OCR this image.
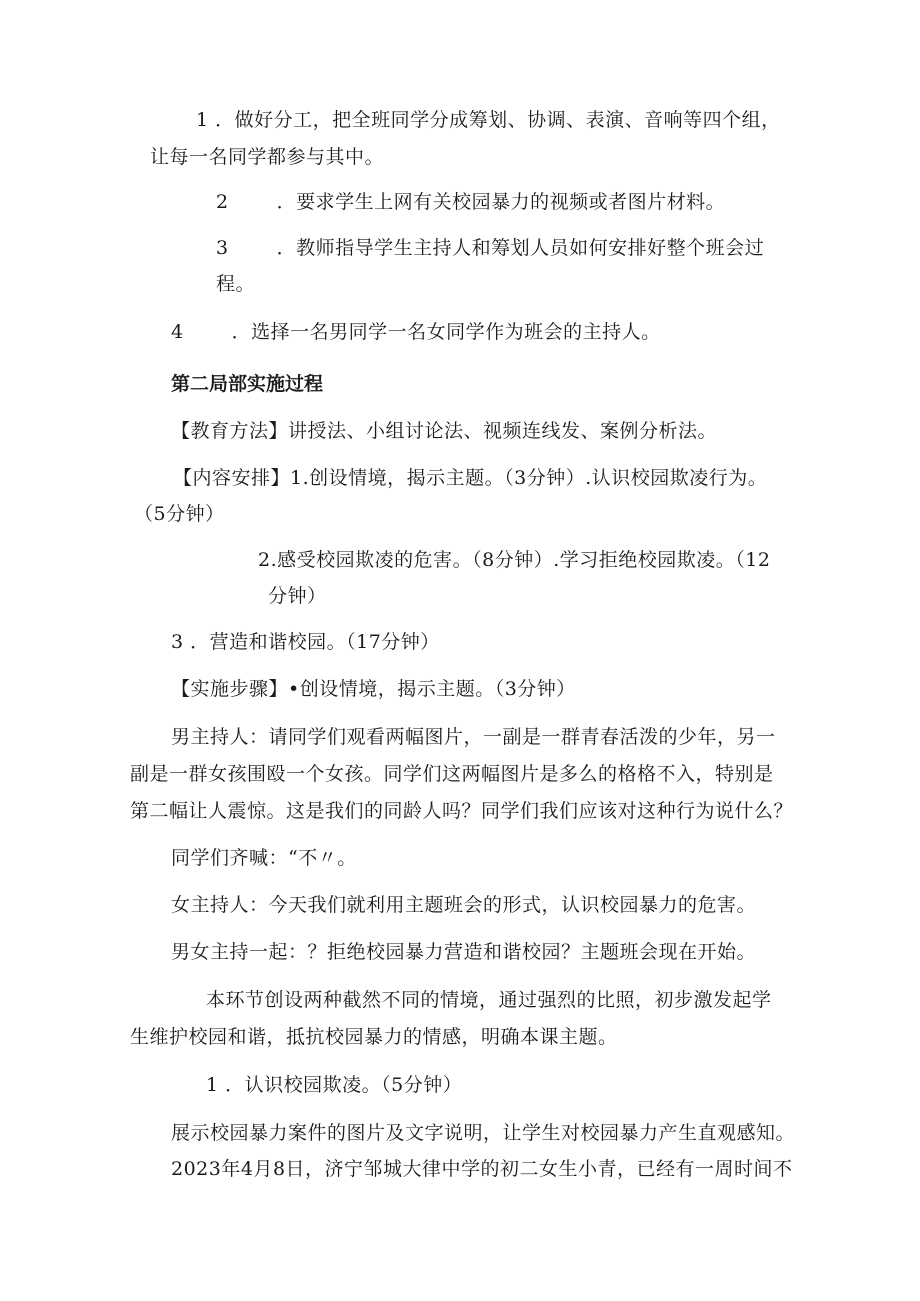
1 ．做好分工，把全班同学分成筹划、协调、表演、音响等四个组，
让每一名同学都参与其中。
2	．要求学生上网有关校园暴力的视频或者图片材料。
3	．教师指导学生主持人和筹划人员如何安排好整个班会过
程。
4	．选择一名男同学一名女同学作为班会的主持人。
第二局部实施过程
【教育方法】讲授法、小组讨论法、视频连线发、案例分析法。
【内容安排】1.创设情境，揭示主题。（3分钟）.认识校园欺凌行为。
（5分钟）
2.感受校园欺凌的危害。（8分钟）.学习拒绝校园欺凌。（12
分钟）
3 ．营造和谐校园。（17分钟）
【实施步骤】•创设情境，揭示主题。（3分钟）
男主持人：请同学们观看两幅图片，一副是一群青春活泼的少年，另一
副是一群女孩围殴一个女孩。同学们这两幅图片是多么的格格不入，特别是
第二幅让人震惊。这是我们的同龄人吗？同学们我们应该对这种行为说什么？
同学们齐喊：“不〃。
女主持人：今天我们就利用主题班会的形式，认识校园暴力的危害。
男女主持一起：？拒绝校园暴力营造和谐校园？主题班会现在开始。
本环节创设两种截然不同的情境，通过强烈的比照，初步激发起学
生维护校园和谐，抵抗校园暴力的情感，明确本课主题。
1 ．认识校园欺凌。（5分钟）
展示校园暴力案件的图片及文字说明，让学生对校园暴力产生直观感知。
2023年4月8日，济宁邹城大律中学的初二女生小青，已经有一周时间不
